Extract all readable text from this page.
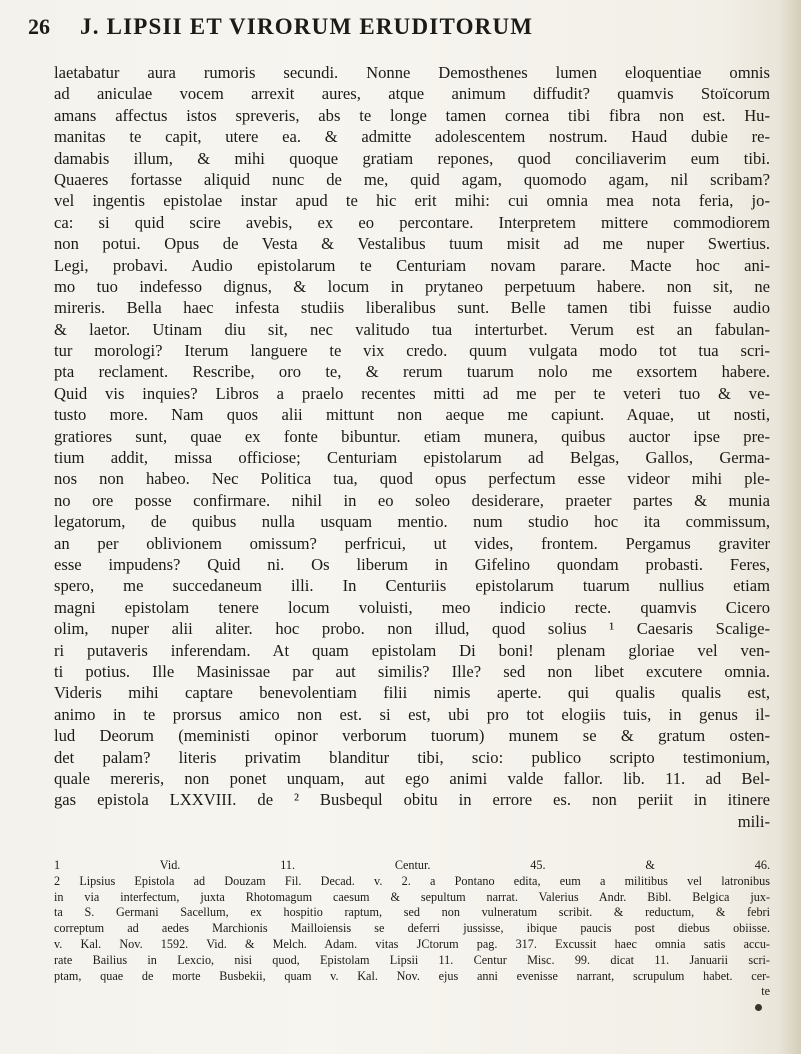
26	J. LIPSII ET VIRORUM ERUDITORUM
laetabatur aura rumoris secundi. Nonne Demosthenes lumen eloquentiae omnis
ad aniculae vocem arrexit aures, atque animum diffudit? quamvis Stoïcorum
amans affectus istos spreveris, abs te longe tamen cornea tibi fibra non est. Hu-
manitas te capit, utere ea. & admitte adolescentem nostrum. Haud dubie re-
damabis illum, & mihi quoque gratiam repones, quod conciliaverim eum tibi.
Quaeres fortasse aliquid nunc de me, quid agam, quomodo agam, nil scribam?
vel ingentis epistolae instar apud te hic erit mihi: cui omnia mea nota feria, jo-
ca: si quid scire avebis, ex eo percontare. Interpretem mittere commodiorem
non potui. Opus de Vesta & Vestalibus tuum misit ad me nuper Swertius.
Legi, probavi. Audio epistolarum te Centuriam novam parare. Macte hoc ani-
mo tuo indefesso dignus, & locum in prytaneo perpetuum habere. non sit, ne
mireris. Bella haec infesta studiis liberalibus sunt. Belle tamen tibi fuisse audio
& laetor. Utinam diu sit, nec valitudo tua interturbet. Verum est an fabulan-
tur morologi? Iterum languere te vix credo. quum vulgata modo tot tua scri-
pta reclament. Rescribe, oro te, & rerum tuarum nolo me exsortem habere.
Quid vis inquies? Libros a praelo recentes mitti ad me per te veteri tuo & ve-
tusto more. Nam quos alii mittunt non aeque me capiunt. Aquae, ut nosti,
gratiores sunt, quae ex fonte bibuntur. etiam munera, quibus auctor ipse pre-
tium addit, missa officiose; Centuriam epistolarum ad Belgas, Gallos, Germa-
nos non habeo. Nec Politica tua, quod opus perfectum esse videor mihi ple-
no ore posse confirmare. nihil in eo soleo desiderare, praeter partes & munia
legatorum, de quibus nulla usquam mentio. num studio hoc ita commissum,
an per oblivionem omissum? perfricui, ut vides, frontem. Pergamus graviter
esse impudens? Quid ni. Os liberum in Gifelino quondam probasti. Feres,
spero, me succedaneum illi. In Centuriis epistolarum tuarum nullius etiam
magni epistolam tenere locum voluisti, meo indicio recte. quamvis Cicero
olim, nuper alii aliter. hoc probo. non illud, quod solius ¹ Caesaris Scalige-
ri putaveris inferendam. At quam epistolam Di boni! plenam gloriae vel ven-
ti potius. Ille Masinissae par aut similis? Ille? sed non libet excutere omnia.
Videris mihi captare benevolentiam filii nimis aperte. qui qualis qualis est,
animo in te prorsus amico non est. si est, ubi pro tot elogiis tuis, in genus il-
lud Deorum (meministi opinor verborum tuorum) munem se & gratum osten-
det palam? literis privatim blanditur tibi, scio: publico scripto testimonium,
quale mereris, non ponet unquam, aut ego animi valde fallor. lib. 11. ad Bel-
gas epistola LXXVIII. de ² Busbequl obitu in errore es. non periit in itinere
mili-
1 Vid. 11. Centur. 45. & 46.
2 Lipsius Epistola ad Douzam Fil. Decad. v. 2. a Pontano edita, eum a militibus vel latronibus
in via interfectum, juxta Rhotomagum caesum & sepultum narrat. Valerius Andr. Bibl. Belgica jux-
ta S. Germani Sacellum, ex hospitio raptum, sed non vulneratum scribit. & reductum, & febri
correptum ad aedes Marchionis Mailloiensis se deferri jussisse, ibique paucis post diebus obiisse.
v. Kal. Nov. 1592. Vid. & Melch. Adam. vitas JCtorum pag. 317. Excussit haec omnia satis accu-
rate Bailius in Lexcio, nisi quod, Epistolam Lipsii 11. Centur Misc. 99. dicat 11. Januarii scri-
ptam, quae de morte Busbekii, quam v. Kal. Nov. ejus anni evenisse narrant, scrupulum habet. cer-
te
